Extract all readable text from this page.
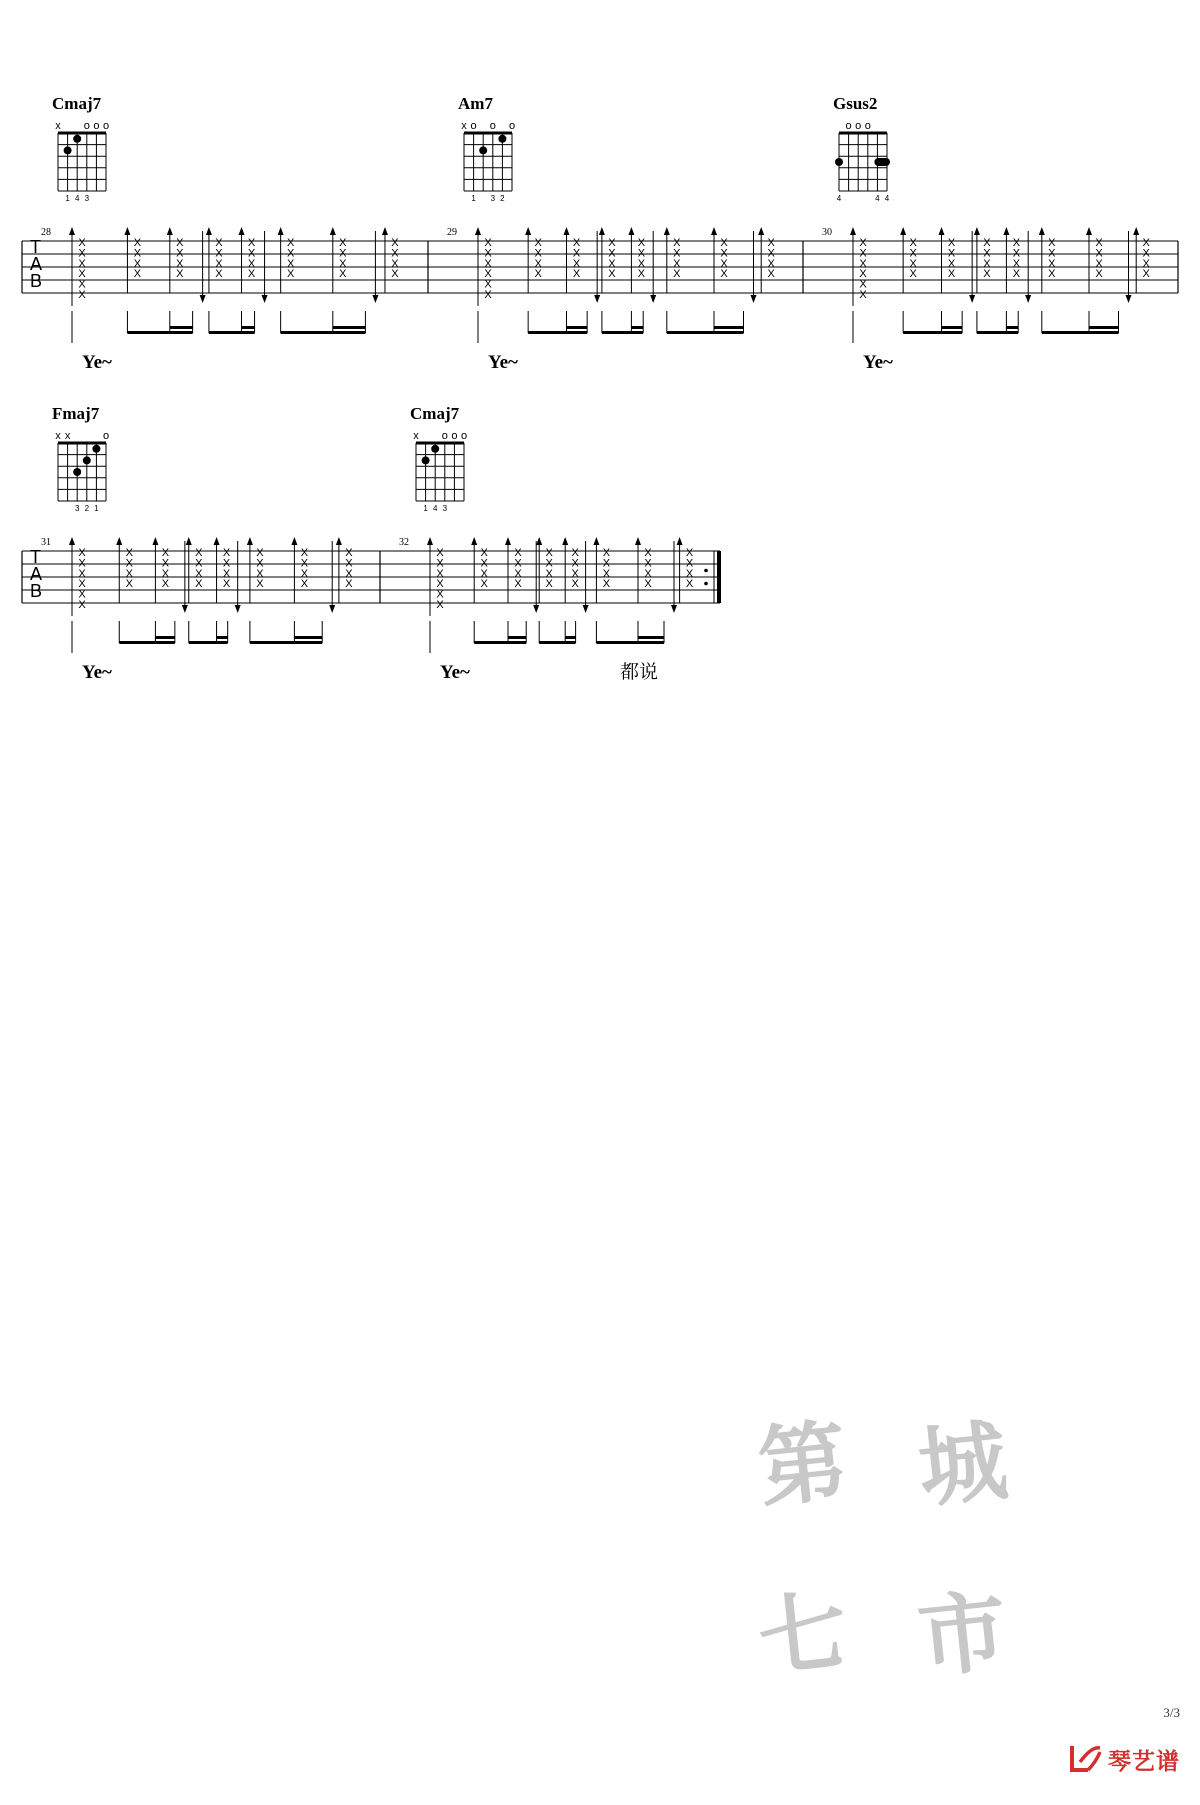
T
A
B
28
Cmaj7
x o o o
1 4 3
X
X
X
X
X
X
X
X
X
X
X
X
X
X
X
X
X
X
X
X
X
X
X
X
X
X
X
X
X
X
X
X
X
X
Ye~
29
Am7
x o o o
1 3 2
X
X
X
X
X
X
X
X
X
X
X
X
X
X
X
X
X
X
X
X
X
X
X
X
X
X
X
X
X
X
X
X
X
X
Ye~
30
Gsus2
o o o
4	4 4
X
X
X
X
X
X
X
X
X
X
X
X
X
X
X
X
X
X
X
X
X
X
X
X
X
X
X
X
X
X
X
X
X
X
Ye~
T
A
B
31
Fmaj7
x x	o
3 2 1
X
X
X
X
X
X
X
X
X
X
X
X
X
X
X
X
X
X
X
X
X
X
X
X
X
X
X
X
X
X
X
X
X
X
Ye~
32
Cmaj7
x o o o
1 4 3
X
X
X
X
X
X
X
X
X
X
X
X
X
X
X
X
X
X
X
X
X
X
X
X
X
X
X
X
X
X
X
X
X
X
Ye~	都说
第 城
七 市
3/3
琴艺谱
